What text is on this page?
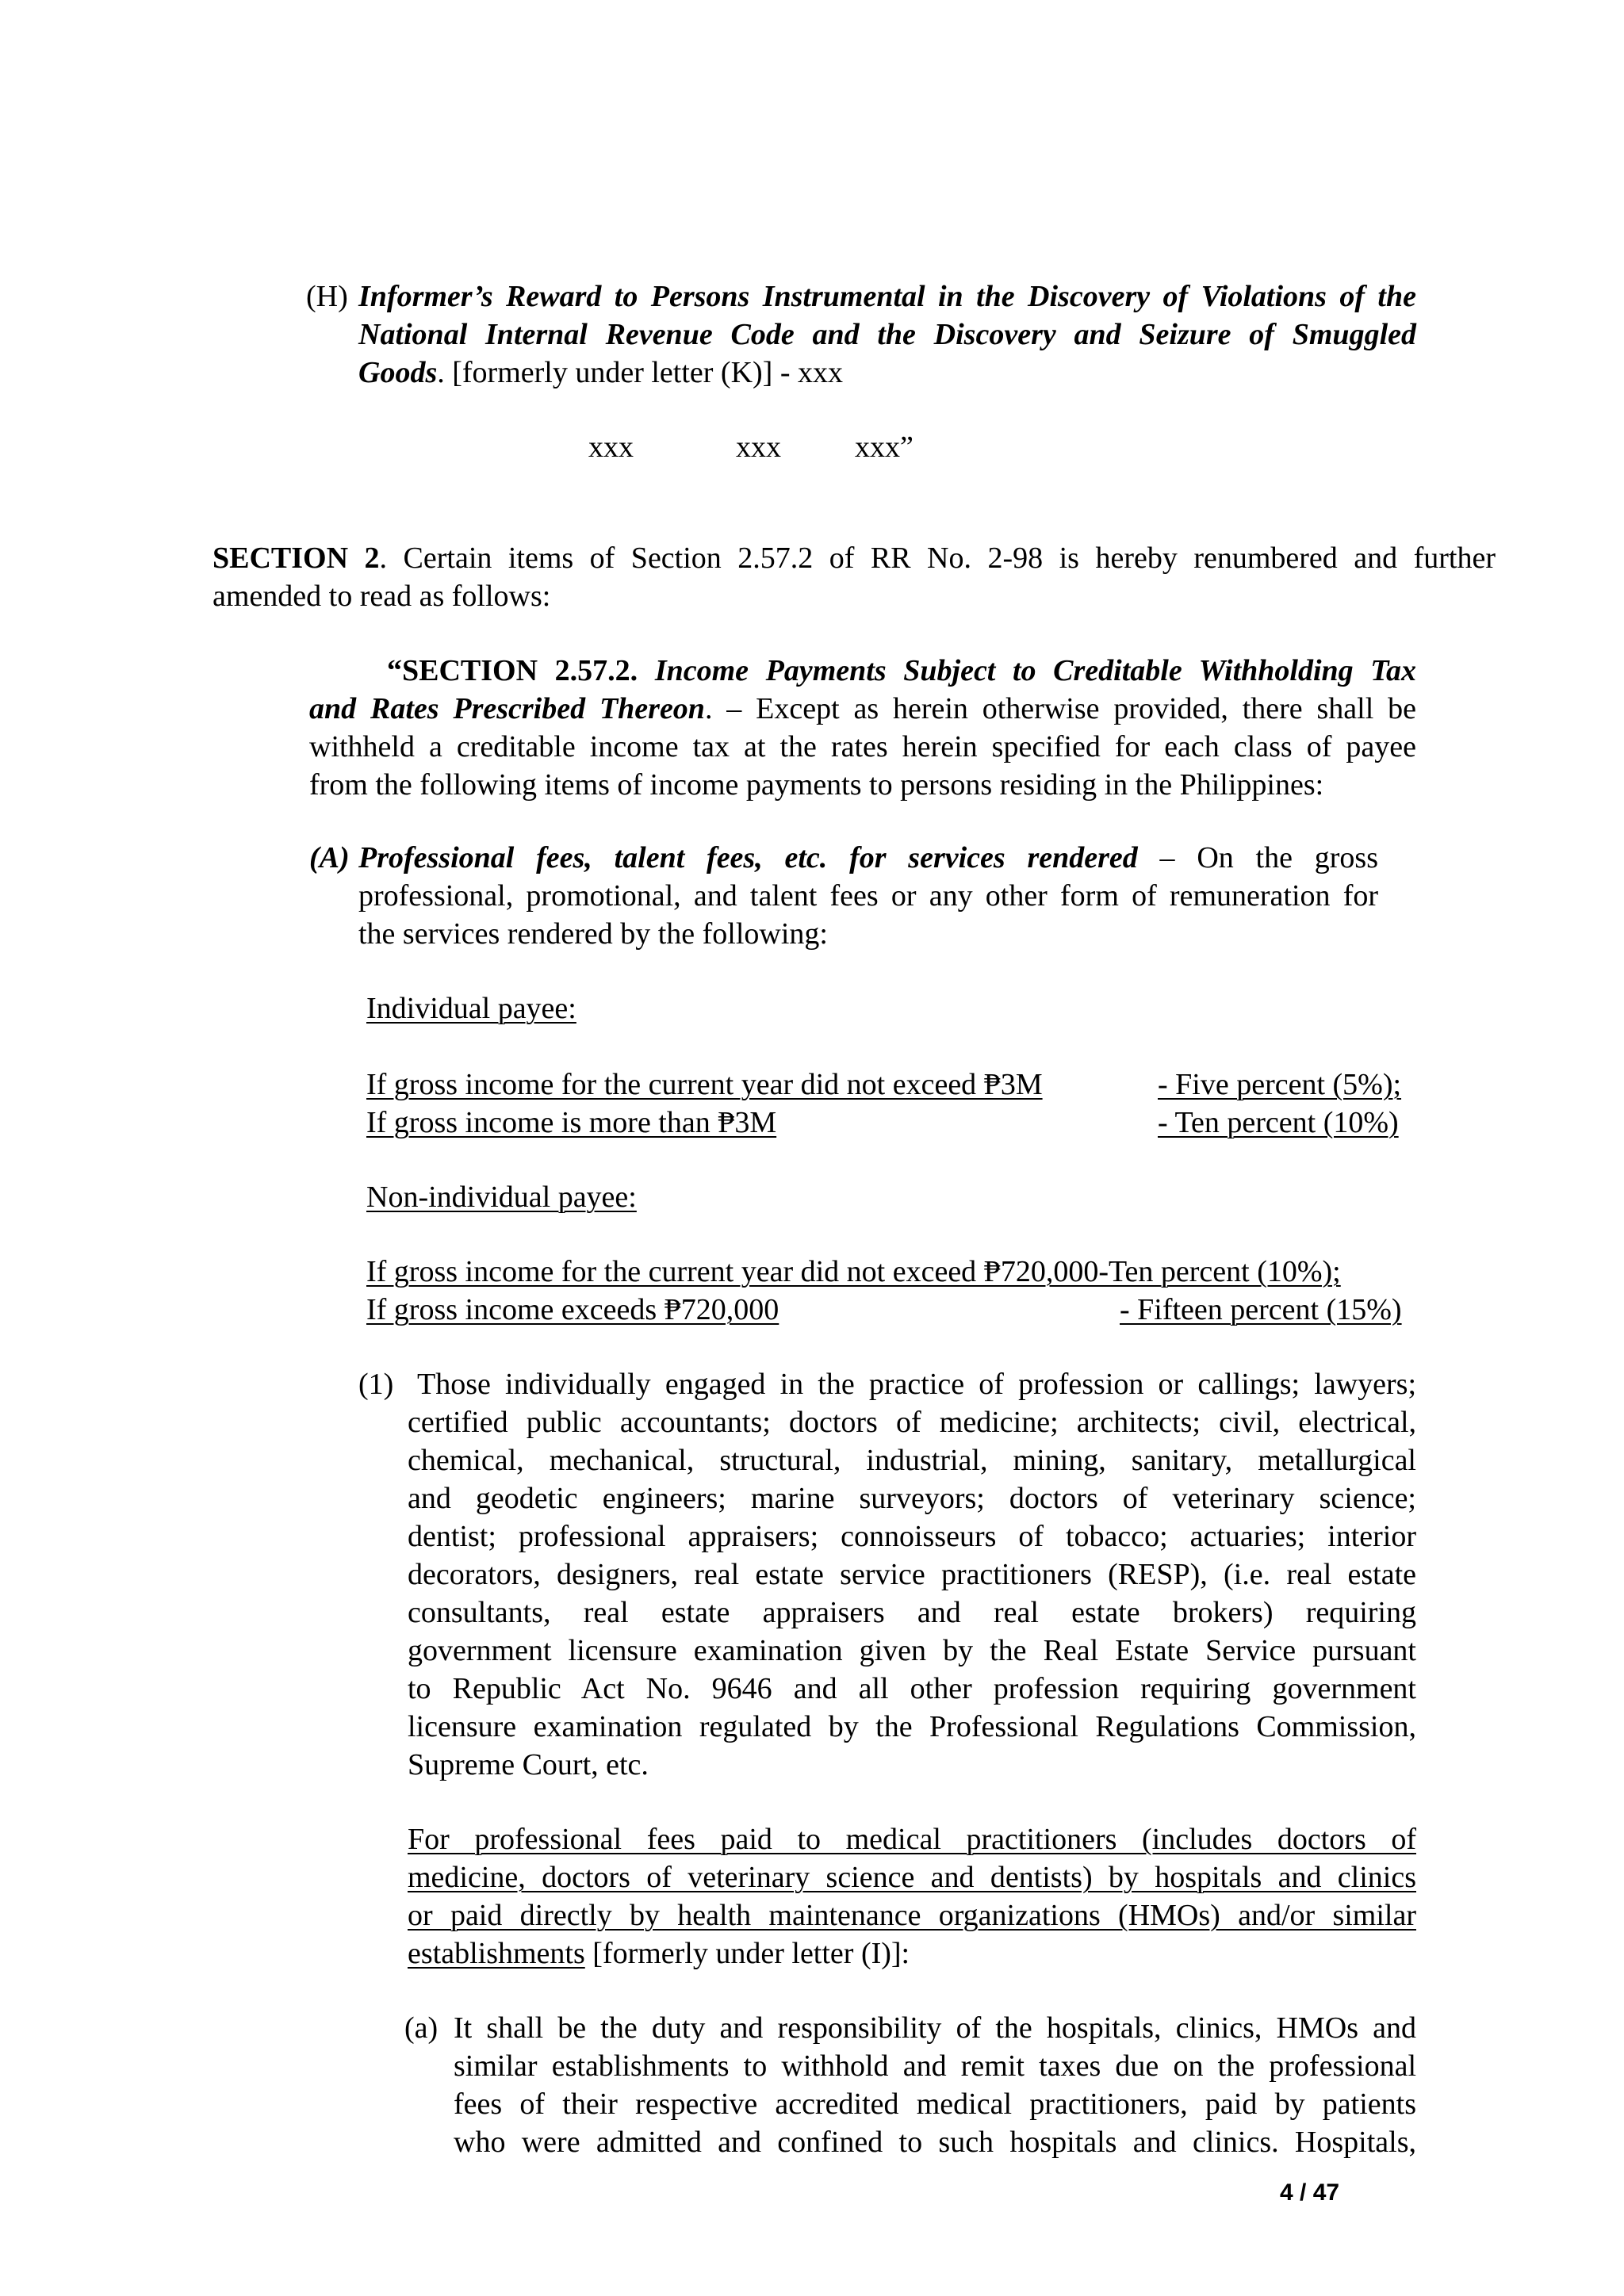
(H) Informer’s Reward to Persons Instrumental in the Discovery of Violations of the
National Internal Revenue Code and the Discovery and Seizure of Smuggled
Goods. [formerly under letter (K)] - xxx
xxx	xxx xxx”
SECTION 2. Certain items of Section 2.57.2 of RR No. 2-98 is hereby renumbered and further
amended to read as follows:
“SECTION 2.57.2. Income Payments Subject to Creditable Withholding Tax
and Rates Prescribed Thereon. – Except as herein otherwise provided, there shall be
withheld a creditable income tax at the rates herein specified for each class of payee
from the following items of income payments to persons residing in the Philippines:
(A) Professional fees, talent fees, etc. for services rendered – On the gross
professional, promotional, and talent fees or any other form of remuneration for
the services rendered by the following:
Individual payee:
If gross income for the current year did not exceed ₱3M	- Five percent (5%);
If gross income is more than ₱3M	- Ten percent (10%)
Non-individual payee:
If gross income for the current year did not exceed ₱720,000-Ten percent (10%);
If gross income exceeds ₱720,000	- Fifteen percent (15%)
(1) Those individually engaged in the practice of profession or callings; lawyers;
certified public accountants; doctors of medicine; architects; civil, electrical,
chemical, mechanical, structural, industrial, mining, sanitary, metallurgical
and geodetic engineers; marine surveyors; doctors of veterinary science;
dentist; professional appraisers; connoisseurs of tobacco; actuaries; interior
decorators, designers, real estate service practitioners (RESP), (i.e. real estate
consultants, real estate appraisers and real estate brokers) requiring
government licensure examination given by the Real Estate Service pursuant
to Republic Act No. 9646 and all other profession requiring government
licensure examination regulated by the Professional Regulations Commission,
Supreme Court, etc.
For professional fees paid to medical practitioners (includes doctors of
medicine, doctors of veterinary science and dentists) by hospitals and clinics
or paid directly by health maintenance organizations (HMOs) and/or similar
establishments [formerly under letter (I)]:
(a) It shall be the duty and responsibility of the hospitals, clinics, HMOs and
similar establishments to withhold and remit taxes due on the professional
fees of their respective accredited medical practitioners, paid by patients
who were admitted and confined to such hospitals and clinics. Hospitals,
4 / 47
